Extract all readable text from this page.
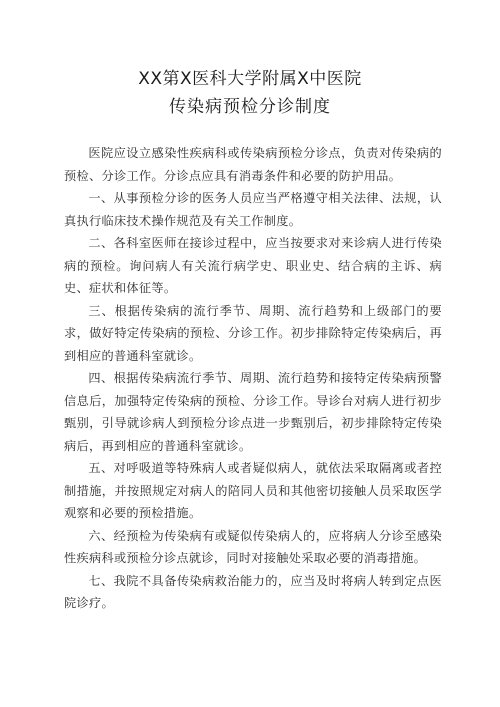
XX第X医科大学附属X中医院
传染病预检分诊制度

医院应设立感染性疾病科或传染病预检分诊点，负责对传染病的预检、分诊工作。分诊点应具有消毒条件和必要的防护用品。

一、从事预检分诊的医务人员应当严格遵守相关法律、法规，认真执行临床技术操作规范及有关工作制度。

二、各科室医师在接诊过程中，应当按要求对来诊病人进行传染病的预检。询问病人有关流行病学史、职业史、结合病的主诉、病史、症状和体征等。

三、根据传染病的流行季节、周期、流行趋势和上级部门的要求，做好特定传染病的预检、分诊工作。初步排除特定传染病后，再到相应的普通科室就诊。

四、根据传染病流行季节、周期、流行趋势和接特定传染病预警信息后，加强特定传染病的预检、分诊工作。导诊台对病人进行初步甄别，引导就诊病人到预检分诊点进一步甄别后，初步排除特定传染病后，再到相应的普通科室就诊。

五、对呼吸道等特殊病人或者疑似病人，就依法采取隔离或者控制措施，并按照规定对病人的陪同人员和其他密切接触人员采取医学观察和必要的预检措施。

六、经预检为传染病有或疑似传染病人的，应将病人分诊至感染性疾病科或预检分诊点就诊，同时对接触处采取必要的消毒措施。

七、我院不具备传染病救治能力的，应当及时将病人转到定点医院诊疗。
